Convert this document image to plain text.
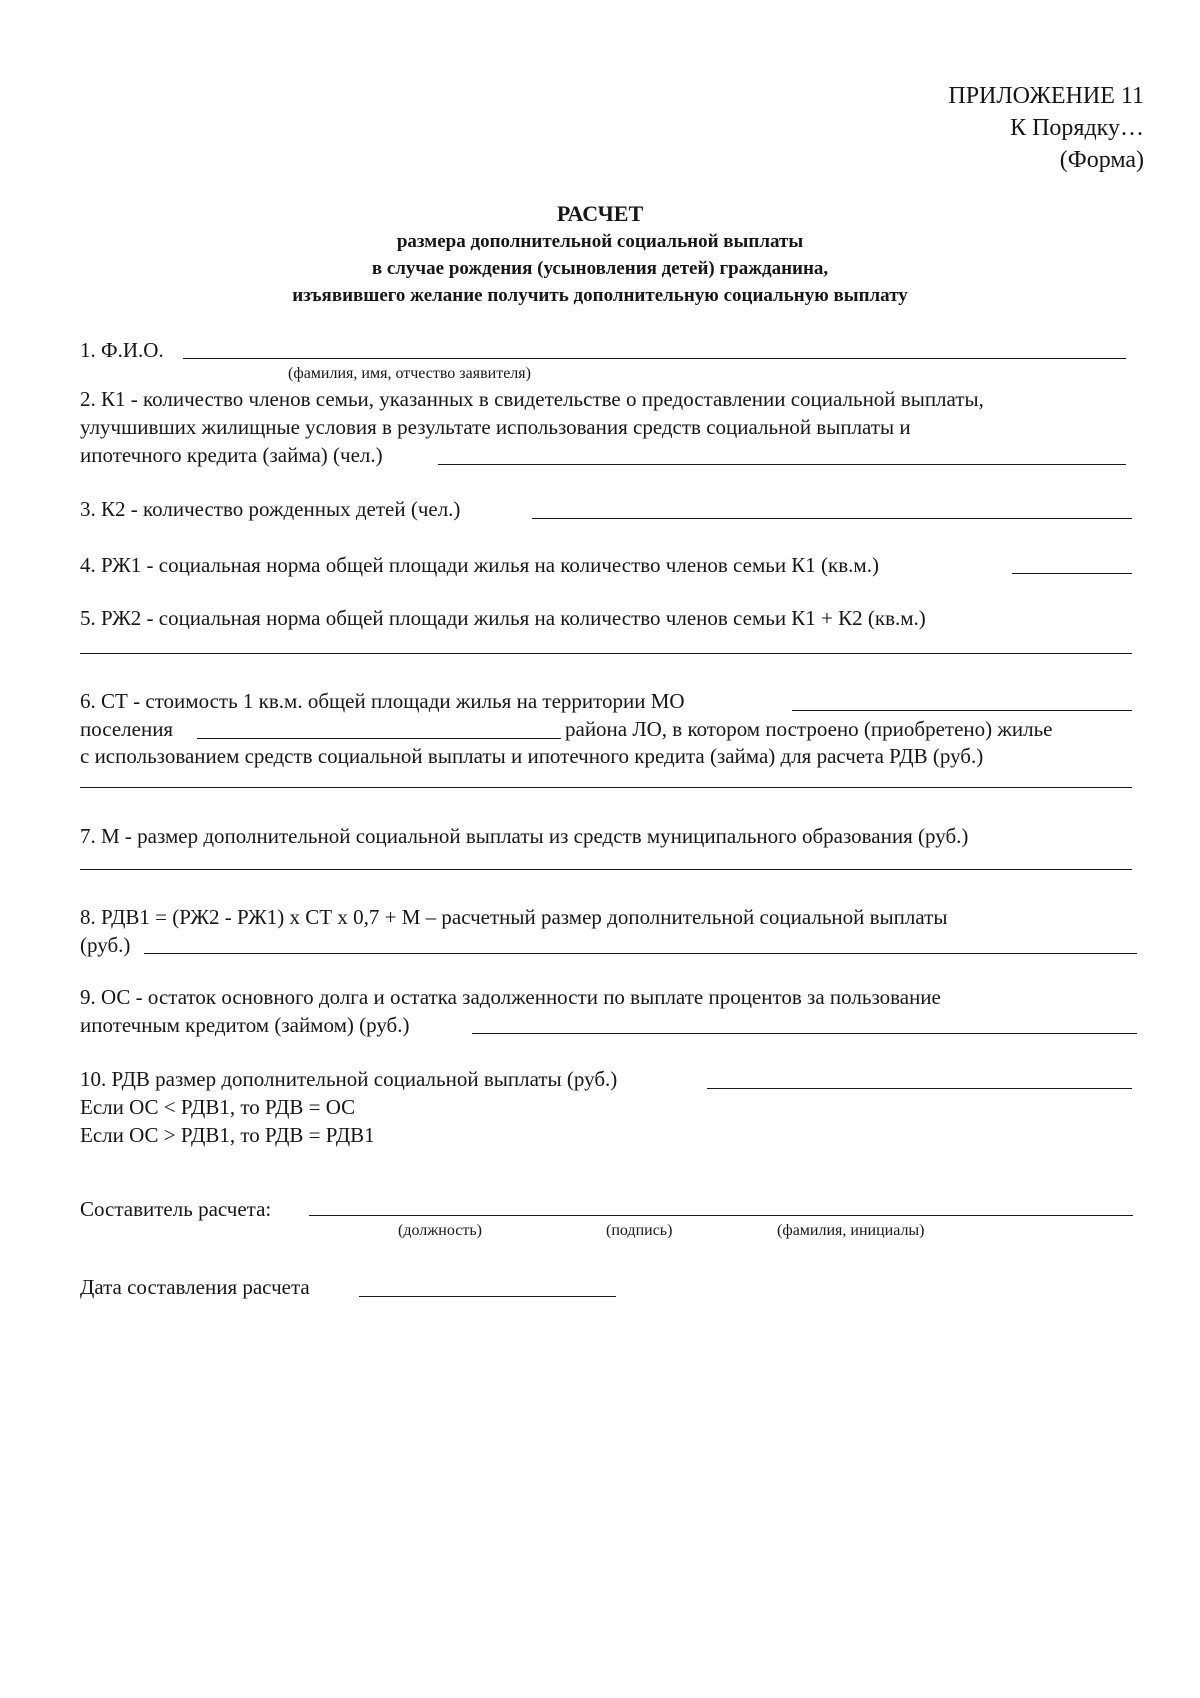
ПРИЛОЖЕНИЕ 11
К Порядку…
(Форма)
РАСЧЕТ
размера дополнительной социальной выплаты
в случае рождения (усыновления детей) гражданина,
изъявившего желание получить дополнительную социальную выплату
1. Ф.И.О.
(фамилия, имя, отчество заявителя)
2. К1 - количество членов семьи, указанных в свидетельстве о предоставлении социальной выплаты,
улучшивших жилищные условия в результате использования средств социальной выплаты и
ипотечного кредита (займа) (чел.)
3. К2 - количество рожденных детей (чел.)
4. РЖ1 - социальная норма общей площади жилья на количество членов семьи К1 (кв.м.)
5. РЖ2 - социальная норма общей площади жилья на количество членов семьи К1 + К2 (кв.м.)
6. СТ - стоимость 1 кв.м. общей площади жилья на территории МО
поселения	района ЛО, в котором построено (приобретено) жилье
с использованием средств социальной выплаты и ипотечного кредита (займа) для расчета РДВ (руб.)
7. М - размер дополнительной социальной выплаты из средств муниципального образования (руб.)
8. РДВ1 = (РЖ2 - РЖ1) х СТ х 0,7 + М – расчетный размер дополнительной социальной выплаты
(руб.)
9. ОС - остаток основного долга и остатка задолженности по выплате процентов за пользование
ипотечным кредитом (займом) (руб.)
10. РДВ размер дополнительной социальной выплаты (руб.)
Если ОС < РДВ1, то РДВ = ОС
Если ОС > РДВ1, то РДВ = РДВ1
Составитель расчета:
(должность)	(подпись)	(фамилия, инициалы)
Дата составления расчета
